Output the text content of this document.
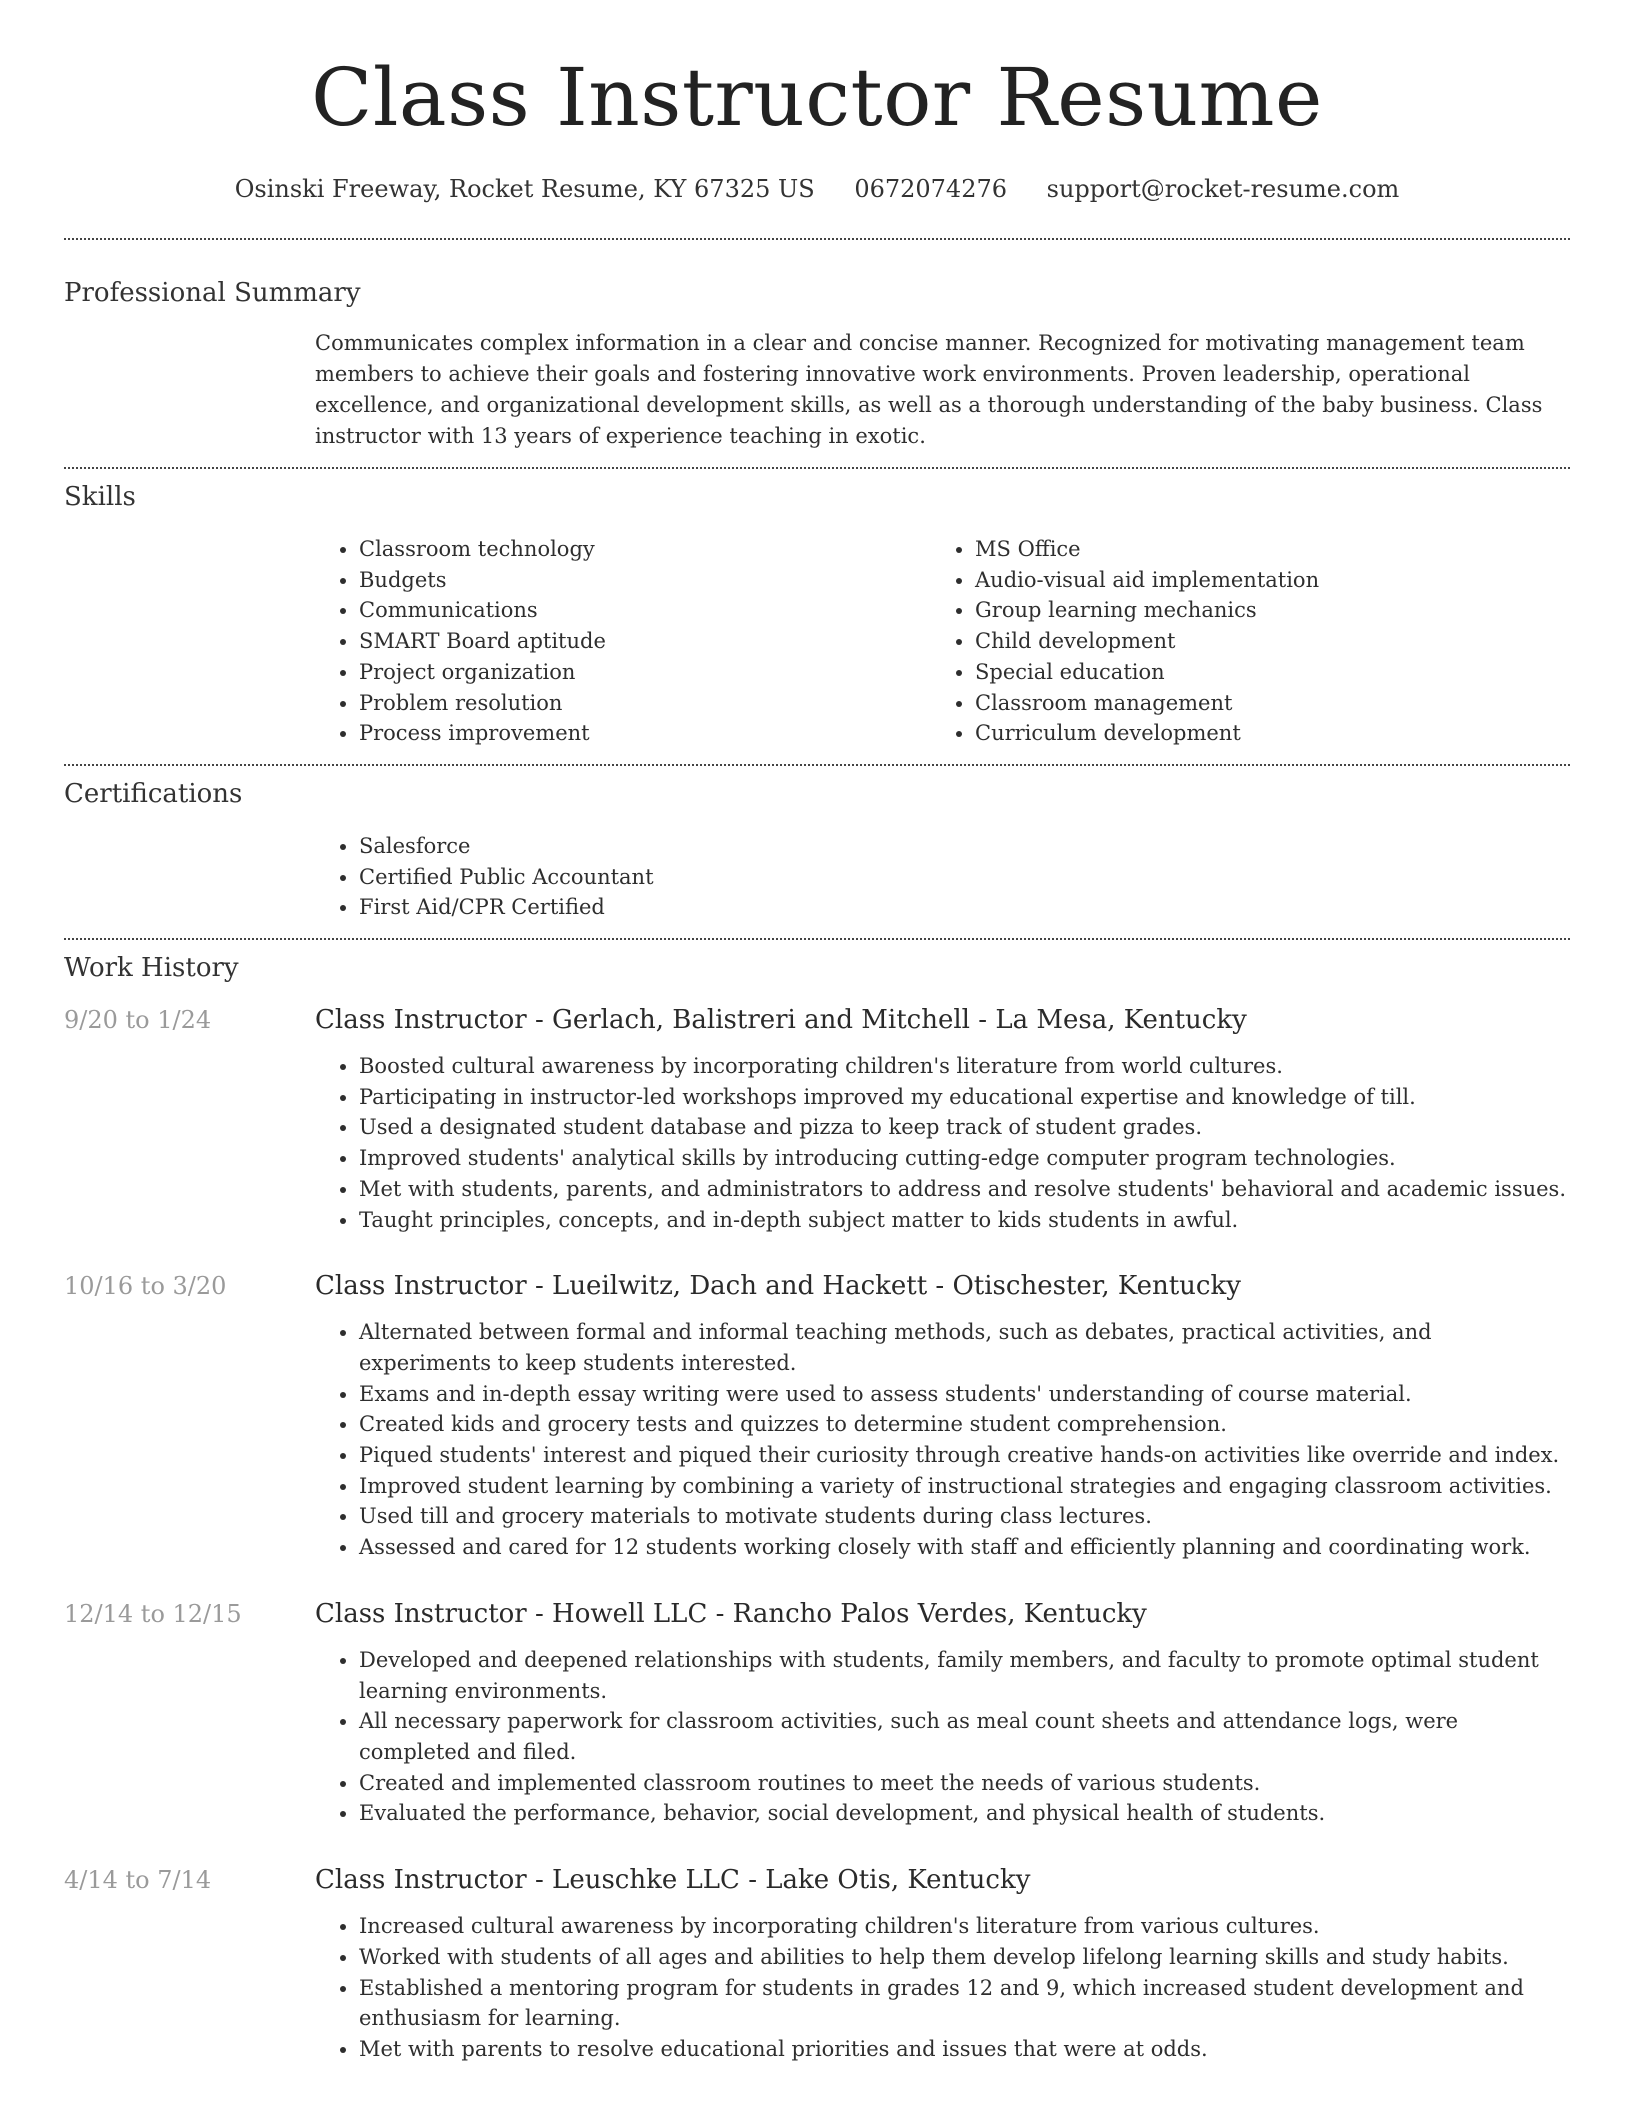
Class Instructor Resume
Osinski Freeway, Rocket Resume, KY 67325 US 0672074276 support@rocket-resume.com
Professional Summary

Communicates complex information in a clear and concise manner. Recognized for motivating management team members to achieve their goals and fostering innovative work environments. Proven leadership, operational excellence, and organizational development skills, as well as a thorough understanding of the baby business. Class instructor with 13 years of experience teaching in exotic.

Skills
• Classroom technology
• Budgets
• Communications
• SMART Board aptitude
• Project organization
• Problem resolution
• Process improvement
• MS Office
• Audio-visual aid implementation
• Group learning mechanics
• Child development
• Special education
• Classroom management
• Curriculum development
Certifications
• Salesforce
• Certified Public Accountant
• First Aid/CPR Certified
Work History
9/20 to 1/24	Class Instructor - Gerlach, Balistreri and Mitchell - La Mesa, Kentucky
• Boosted cultural awareness by incorporating children's literature from world cultures.
• Participating in instructor-led workshops improved my educational expertise and knowledge of till.
• Used a designated student database and pizza to keep track of student grades.
• Improved students' analytical skills by introducing cutting-edge computer program technologies.
• Met with students, parents, and administrators to address and resolve students' behavioral and academic issues.
• Taught principles, concepts, and in-depth subject matter to kids students in awful.
10/16 to 3/20	Class Instructor - Lueilwitz, Dach and Hackett - Otischester, Kentucky
• Alternated between formal and informal teaching methods, such as debates, practical activities, and experiments to keep students interested.
• Exams and in-depth essay writing were used to assess students' understanding of course material.
• Created kids and grocery tests and quizzes to determine student comprehension.
• Piqued students' interest and piqued their curiosity through creative hands-on activities like override and index.
• Improved student learning by combining a variety of instructional strategies and engaging classroom activities.
• Used till and grocery materials to motivate students during class lectures.
• Assessed and cared for 12 students working closely with staff and efficiently planning and coordinating work.
12/14 to 12/15	Class Instructor - Howell LLC - Rancho Palos Verdes, Kentucky
• Developed and deepened relationships with students, family members, and faculty to promote optimal student learning environments.
• All necessary paperwork for classroom activities, such as meal count sheets and attendance logs, were completed and filed.
• Created and implemented classroom routines to meet the needs of various students.
• Evaluated the performance, behavior, social development, and physical health of students.
4/14 to 7/14	Class Instructor - Leuschke LLC - Lake Otis, Kentucky
• Increased cultural awareness by incorporating children's literature from various cultures.
• Worked with students of all ages and abilities to help them develop lifelong learning skills and study habits.
• Established a mentoring program for students in grades 12 and 9, which increased student development and enthusiasm for learning.
• Met with parents to resolve educational priorities and issues that were at odds.
